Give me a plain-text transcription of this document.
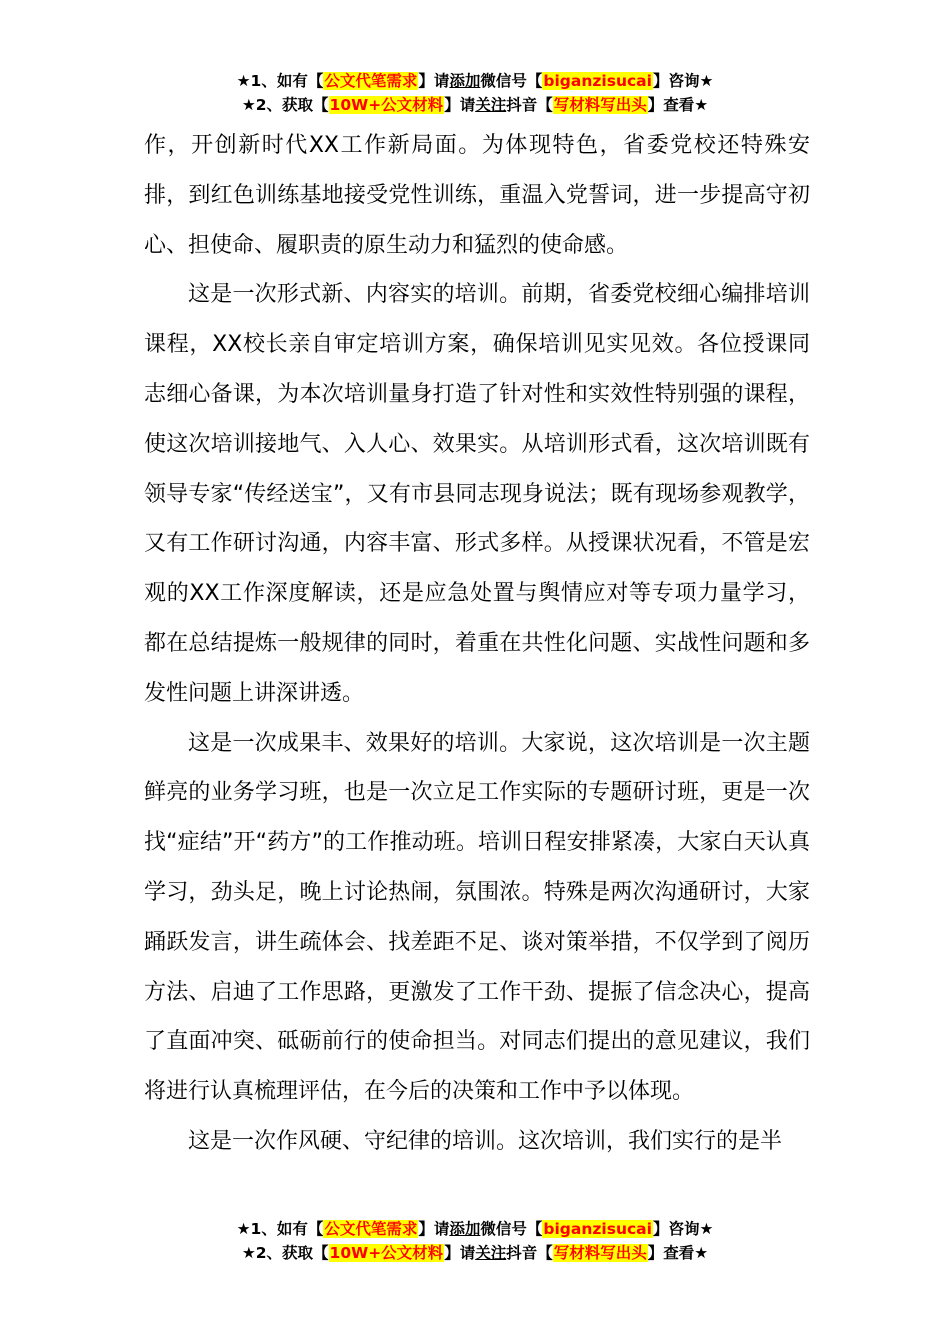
★1、如有【公文代笔需求】请添加微信号【biganzisucai】咨询★
★2、获取【10W+公文材料】请关注抖音【写材料写出头】查看★

作，开创新时代XX工作新局面。为体现特色，省委党校还特殊安排，到红色训练基地接受党性训练，重温入党誓词，进一步提高守初心、担使命、履职责的原生动力和猛烈的使命感。

这是一次形式新、内容实的培训。前期，省委党校细心编排培训课程，XX校长亲自审定培训方案，确保培训见实见效。各位授课同志细心备课，为本次培训量身打造了针对性和实效性特别强的课程，使这次培训接地气、入人心、效果实。从培训形式看，这次培训既有领导专家“传经送宝”，又有市县同志现身说法；既有现场参观教学，又有工作研讨沟通，内容丰富、形式多样。从授课状况看，不管是宏观的XX工作深度解读，还是应急处置与舆情应对等专项力量学习，都在总结提炼一般规律的同时，着重在共性化问题、实战性问题和多发性问题上讲深讲透。

这是一次成果丰、效果好的培训。大家说，这次培训是一次主题鲜亮的业务学习班，也是一次立足工作实际的专题研讨班，更是一次找“症结”开“药方”的工作推动班。培训日程安排紧凑，大家白天认真学习，劲头足，晚上讨论热闹，氛围浓。特殊是两次沟通研讨，大家踊跃发言，讲生疏体会、找差距不足、谈对策举措，不仅学到了阅历方法、启迪了工作思路，更激发了工作干劲、提振了信念决心，提高了直面冲突、砥砺前行的使命担当。对同志们提出的意见建议，我们将进行认真梳理评估，在今后的决策和工作中予以体现。

这是一次作风硬、守纪律的培训。这次培训，我们实行的是半

★1、如有【公文代笔需求】请添加微信号【biganzisucai】咨询★
★2、获取【10W+公文材料】请关注抖音【写材料写出头】查看★
